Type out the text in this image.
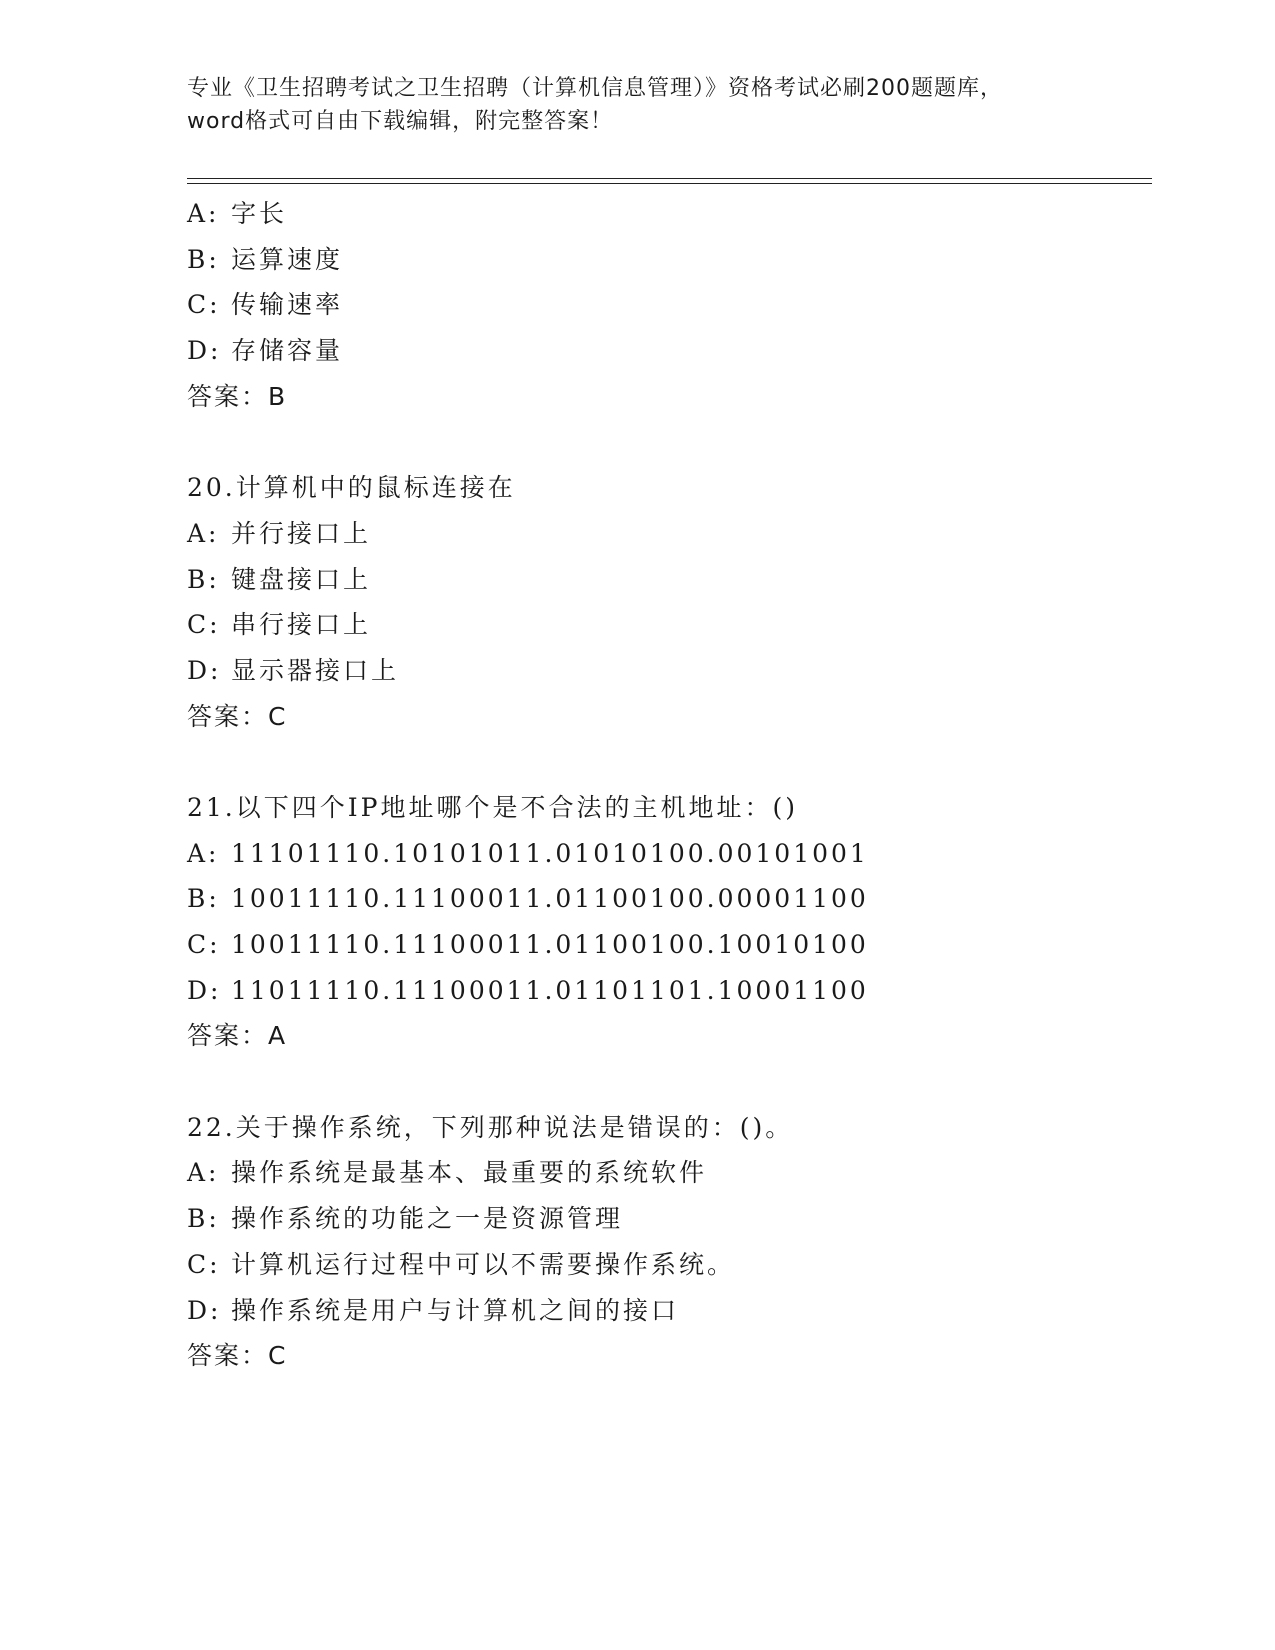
专业《卫生招聘考试之卫生招聘（计算机信息管理）》资格考试必刷200题题库，
word格式可自由下载编辑，附完整答案！
A: 字长
B: 运算速度
C: 传输速率
D: 存储容量
答案：B
20.计算机中的鼠标连接在
A: 并行接口上
B: 键盘接口上
C: 串行接口上
D: 显示器接口上
答案：C
21.以下四个IP地址哪个是不合法的主机地址：()
A: 11101110.10101011.01010100.00101001
B: 10011110.11100011.01100100.00001100
C: 10011110.11100011.01100100.10010100
D: 11011110.11100011.01101101.10001100
答案：A
22.关于操作系统，下列那种说法是错误的：()。
A: 操作系统是最基本、最重要的系统软件
B: 操作系统的功能之一是资源管理
C: 计算机运行过程中可以不需要操作系统。
D: 操作系统是用户与计算机之间的接口
答案：C
